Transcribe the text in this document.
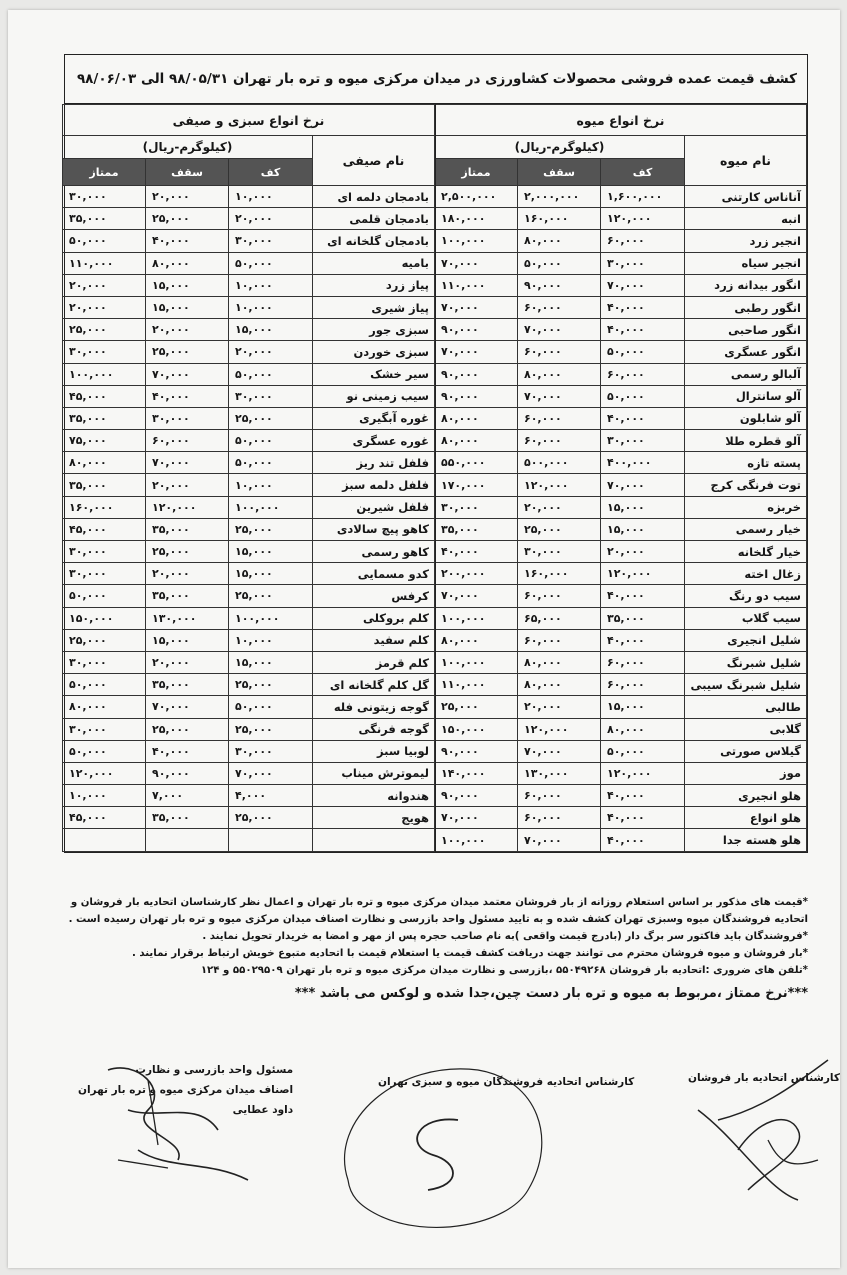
کشف قیمت عمده فروشی محصولات کشاورزی در میدان مرکزی میوه و تره بار تهران ۹۸/۰۵/۳۱ الی ۹۸/۰۶/۰۳
نرخ انواع میوه			
نام میوه	(کیلوگرم-ریال)		
	کف	سقف	ممتاز
آناناس کارتنی	۱,۶۰۰,۰۰۰	۲,۰۰۰,۰۰۰	۲,۵۰۰,۰۰۰
انبه	۱۲۰,۰۰۰	۱۶۰,۰۰۰	۱۸۰,۰۰۰
انجیر زرد	۶۰,۰۰۰	۸۰,۰۰۰	۱۰۰,۰۰۰
انجیر سیاه	۳۰,۰۰۰	۵۰,۰۰۰	۷۰,۰۰۰
انگور بیدانه زرد	۷۰,۰۰۰	۹۰,۰۰۰	۱۱۰,۰۰۰
انگور رطبی	۴۰,۰۰۰	۶۰,۰۰۰	۷۰,۰۰۰
انگور صاحبی	۴۰,۰۰۰	۷۰,۰۰۰	۹۰,۰۰۰
انگور عسگری	۵۰,۰۰۰	۶۰,۰۰۰	۷۰,۰۰۰
آلبالو رسمی	۶۰,۰۰۰	۸۰,۰۰۰	۹۰,۰۰۰
آلو سانترال	۵۰,۰۰۰	۷۰,۰۰۰	۹۰,۰۰۰
آلو شابلون	۴۰,۰۰۰	۶۰,۰۰۰	۸۰,۰۰۰
آلو قطره طلا	۳۰,۰۰۰	۶۰,۰۰۰	۸۰,۰۰۰
پسته تازه	۴۰۰,۰۰۰	۵۰۰,۰۰۰	۵۵۰,۰۰۰
توت فرنگی کرج	۷۰,۰۰۰	۱۲۰,۰۰۰	۱۷۰,۰۰۰
خربزه	۱۵,۰۰۰	۲۰,۰۰۰	۳۰,۰۰۰
خیار رسمی	۱۵,۰۰۰	۲۵,۰۰۰	۳۵,۰۰۰
خیار گلخانه	۲۰,۰۰۰	۳۰,۰۰۰	۴۰,۰۰۰
زغال اخته	۱۲۰,۰۰۰	۱۶۰,۰۰۰	۲۰۰,۰۰۰
سیب دو رنگ	۴۰,۰۰۰	۶۰,۰۰۰	۷۰,۰۰۰
سیب گلاب	۳۵,۰۰۰	۶۵,۰۰۰	۱۰۰,۰۰۰
شلیل انجیری	۴۰,۰۰۰	۶۰,۰۰۰	۸۰,۰۰۰
شلیل شبرنگ	۶۰,۰۰۰	۸۰,۰۰۰	۱۰۰,۰۰۰
شلیل شبرنگ سیبی	۶۰,۰۰۰	۸۰,۰۰۰	۱۱۰,۰۰۰
طالبی	۱۵,۰۰۰	۲۰,۰۰۰	۲۵,۰۰۰
گلابی	۸۰,۰۰۰	۱۲۰,۰۰۰	۱۵۰,۰۰۰
گیلاس صورتی	۵۰,۰۰۰	۷۰,۰۰۰	۹۰,۰۰۰
موز	۱۲۰,۰۰۰	۱۳۰,۰۰۰	۱۴۰,۰۰۰
هلو انجیری	۴۰,۰۰۰	۶۰,۰۰۰	۹۰,۰۰۰
هلو انواع	۴۰,۰۰۰	۶۰,۰۰۰	۷۰,۰۰۰
هلو هسته جدا	۴۰,۰۰۰	۷۰,۰۰۰	۱۰۰,۰۰۰
نرخ انواع سبزی و صیفی			
نام صیفی	(کیلوگرم-ریال)		
	کف	سقف	ممتاز
بادمجان دلمه ای	۱۰,۰۰۰	۲۰,۰۰۰	۳۰,۰۰۰
بادمجان قلمی	۲۰,۰۰۰	۲۵,۰۰۰	۳۵,۰۰۰
بادمجان گلخانه ای	۳۰,۰۰۰	۴۰,۰۰۰	۵۰,۰۰۰
بامیه	۵۰,۰۰۰	۸۰,۰۰۰	۱۱۰,۰۰۰
پیاز زرد	۱۰,۰۰۰	۱۵,۰۰۰	۲۰,۰۰۰
پیاز شیری	۱۰,۰۰۰	۱۵,۰۰۰	۲۰,۰۰۰
سبزی جور	۱۵,۰۰۰	۲۰,۰۰۰	۲۵,۰۰۰
سبزی خوردن	۲۰,۰۰۰	۲۵,۰۰۰	۳۰,۰۰۰
سیر خشک	۵۰,۰۰۰	۷۰,۰۰۰	۱۰۰,۰۰۰
سیب زمینی نو	۳۰,۰۰۰	۴۰,۰۰۰	۴۵,۰۰۰
غوره آبگیری	۲۵,۰۰۰	۳۰,۰۰۰	۳۵,۰۰۰
غوره عسگری	۵۰,۰۰۰	۶۰,۰۰۰	۷۵,۰۰۰
فلفل تند ریز	۵۰,۰۰۰	۷۰,۰۰۰	۸۰,۰۰۰
فلفل دلمه سبز	۱۰,۰۰۰	۲۰,۰۰۰	۳۵,۰۰۰
فلفل شیرین	۱۰۰,۰۰۰	۱۲۰,۰۰۰	۱۶۰,۰۰۰
کاهو پیچ سالادی	۲۵,۰۰۰	۳۵,۰۰۰	۴۵,۰۰۰
کاهو رسمی	۱۵,۰۰۰	۲۵,۰۰۰	۳۰,۰۰۰
کدو مسمایی	۱۵,۰۰۰	۲۰,۰۰۰	۳۰,۰۰۰
کرفس	۲۵,۰۰۰	۳۵,۰۰۰	۵۰,۰۰۰
کلم بروکلی	۱۰۰,۰۰۰	۱۳۰,۰۰۰	۱۵۰,۰۰۰
کلم سفید	۱۰,۰۰۰	۱۵,۰۰۰	۲۵,۰۰۰
کلم قرمز	۱۵,۰۰۰	۲۰,۰۰۰	۳۰,۰۰۰
گل کلم گلخانه ای	۲۵,۰۰۰	۳۵,۰۰۰	۵۰,۰۰۰
گوجه زیتونی فله	۵۰,۰۰۰	۷۰,۰۰۰	۸۰,۰۰۰
گوجه فرنگی	۲۵,۰۰۰	۲۵,۰۰۰	۳۰,۰۰۰
لوبیا سبز	۳۰,۰۰۰	۴۰,۰۰۰	۵۰,۰۰۰
لیموترش میناب	۷۰,۰۰۰	۹۰,۰۰۰	۱۲۰,۰۰۰
هندوانه	۴,۰۰۰	۷,۰۰۰	۱۰,۰۰۰
هویج	۲۵,۰۰۰	۳۵,۰۰۰	۴۵,۰۰۰

*قیمت های مذکور بر اساس استعلام روزانه از بار فروشان معتمد میدان مرکزی میوه و تره بار تهران و اعمال نظر کارشناسان اتحادیه بار فروشان و

اتحادیه فروشندگان میوه وسبزی تهران کشف شده و به تایید مسئول واحد بازرسی و نظارت اصناف میدان مرکزی میوه و تره بار تهران رسیده است .

*فروشندگان باید فاکتور سر برگ دار (بادرج قیمت واقعی )به نام صاحب حجره پس از مهر و امضا به خریدار تحویل نمایند .

*بار فروشان و میوه فروشان محترم می توانند جهت دریافت کشف قیمت یا استعلام قیمت با اتحادیه متبوع خویش ارتباط برقرار نمایند .

*تلفن های ضروری :اتحادیه بار فروشان ۵۵۰۴۹۲۶۸ ،بازرسی و نظارت میدان مرکزی میوه و تره بار تهران ۵۵۰۲۹۵۰۹ و ۱۲۴

***نرخ ممتاز ،مربوط به میوه و تره بار دست چین،جدا شده و لوکس می باشد ***

مسئول واحد بازرسی و نظارت
اصناف میدان مرکزی میوه و تره بار تهران
داود عطایی
کارشناس اتحادیه فروشندگان میوه و سبزی تهران	کارشناس اتحادیه بار فروشان
